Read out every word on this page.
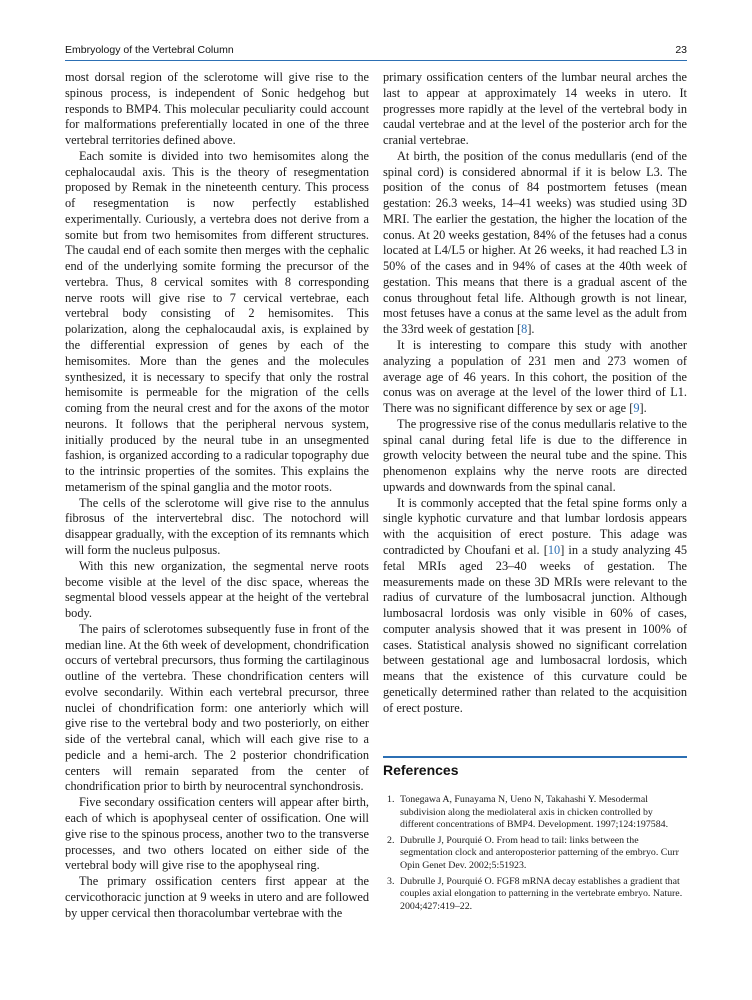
Embryology of the Vertebral Column	23

most dorsal region of the sclerotome will give rise to the spinous process, is independent of Sonic hedgehog but responds to BMP4. This molecular peculiarity could account for malformations preferentially located in one of the three vertebral territories defined above.

Each somite is divided into two hemisomites along the cephalocaudal axis. This is the theory of resegmentation proposed by Remak in the nineteenth century. This process of resegmentation is now perfectly established experimentally. Curiously, a vertebra does not derive from a somite but from two hemisomites from different structures. The caudal end of each somite then merges with the cephalic end of the underlying somite forming the precursor of the vertebra. Thus, 8 cervical somites with 8 corresponding nerve roots will give rise to 7 cervical vertebrae, each vertebral body consisting of 2 hemisomites. This polarization, along the cephalocaudal axis, is explained by the differential expression of genes by each of the hemisomites. More than the genes and the molecules synthesized, it is necessary to specify that only the rostral hemisomite is permeable for the migration of the cells coming from the neural crest and for the axons of the motor neurons. It follows that the peripheral nervous system, initially produced by the neural tube in an unsegmented fashion, is organized according to a radicular topography due to the intrinsic properties of the somites. This explains the metamerism of the spinal ganglia and the motor roots.

The cells of the sclerotome will give rise to the annulus fibrosus of the intervertebral disc. The notochord will disappear gradually, with the exception of its remnants which will form the nucleus pulposus.

With this new organization, the segmental nerve roots become visible at the level of the disc space, whereas the segmental blood vessels appear at the height of the vertebral body.

The pairs of sclerotomes subsequently fuse in front of the median line. At the 6th week of development, chondrification occurs of vertebral precursors, thus forming the cartilaginous outline of the vertebra. These chondrification centers will evolve secondarily. Within each vertebral precursor, three nuclei of chondrification form: one anteriorly which will give rise to the vertebral body and two posteriorly, on either side of the vertebral canal, which will each give rise to a pedicle and a hemi-arch. The 2 posterior chondrification centers will remain separated from the center of chondrification prior to birth by neurocentral synchondrosis.

Five secondary ossification centers will appear after birth, each of which is apophyseal center of ossification. One will give rise to the spinous process, another two to the transverse processes, and two others located on either side of the vertebral body will give rise to the apophyseal ring.

The primary ossification centers first appear at the cervicothoracic junction at 9 weeks in utero and are followed by upper cervical then thoracolumbar vertebrae with the

primary ossification centers of the lumbar neural arches the last to appear at approximately 14 weeks in utero. It progresses more rapidly at the level of the vertebral body in caudal vertebrae and at the level of the posterior arch for the cranial vertebrae.

At birth, the position of the conus medullaris (end of the spinal cord) is considered abnormal if it is below L3. The position of the conus of 84 postmortem fetuses (mean gestation: 26.3 weeks, 14–41 weeks) was studied using 3D MRI. The earlier the gestation, the higher the location of the conus. At 20 weeks gestation, 84% of the fetuses had a conus located at L4/L5 or higher. At 26 weeks, it had reached L3 in 50% of the cases and in 94% of cases at the 40th week of gestation. This means that there is a gradual ascent of the conus throughout fetal life. Although growth is not linear, most fetuses have a conus at the same level as the adult from the 33rd week of gestation [8].

It is interesting to compare this study with another analyzing a population of 231 men and 273 women of average age of 46 years. In this cohort, the position of the conus was on average at the level of the lower third of L1. There was no significant difference by sex or age [9].

The progressive rise of the conus medullaris relative to the spinal canal during fetal life is due to the difference in growth velocity between the neural tube and the spine. This phenomenon explains why the nerve roots are directed upwards and downwards from the spinal canal.

It is commonly accepted that the fetal spine forms only a single kyphotic curvature and that lumbar lordosis appears with the acquisition of erect posture. This adage was contradicted by Choufani et al. [10] in a study analyzing 45 fetal MRIs aged 23–40 weeks of gestation. The measurements made on these 3D MRIs were relevant to the radius of curvature of the lumbosacral junction. Although lumbosacral lordosis was only visible in 60% of cases, computer analysis showed that it was present in 100% of cases. Statistical analysis showed no significant correlation between gestational age and lumbosacral lordosis, which means that the existence of this curvature could be genetically determined rather than related to the acquisition of erect posture.

References
1. Tonegawa A, Funayama N, Ueno N, Takahashi Y. Mesodermal subdivision along the mediolateral axis in chicken controlled by different concentrations of BMP4. Development. 1997;124:197584.
2. Dubrulle J, Pourquié O. From head to tail: links between the segmentation clock and anteroposterior patterning of the embryo. Curr Opin Genet Dev. 2002;5:51923.
3. Dubrulle J, Pourquié O. FGF8 mRNA decay establishes a gradient that couples axial elongation to patterning in the vertebrate embryo. Nature. 2004;427:419–22.
